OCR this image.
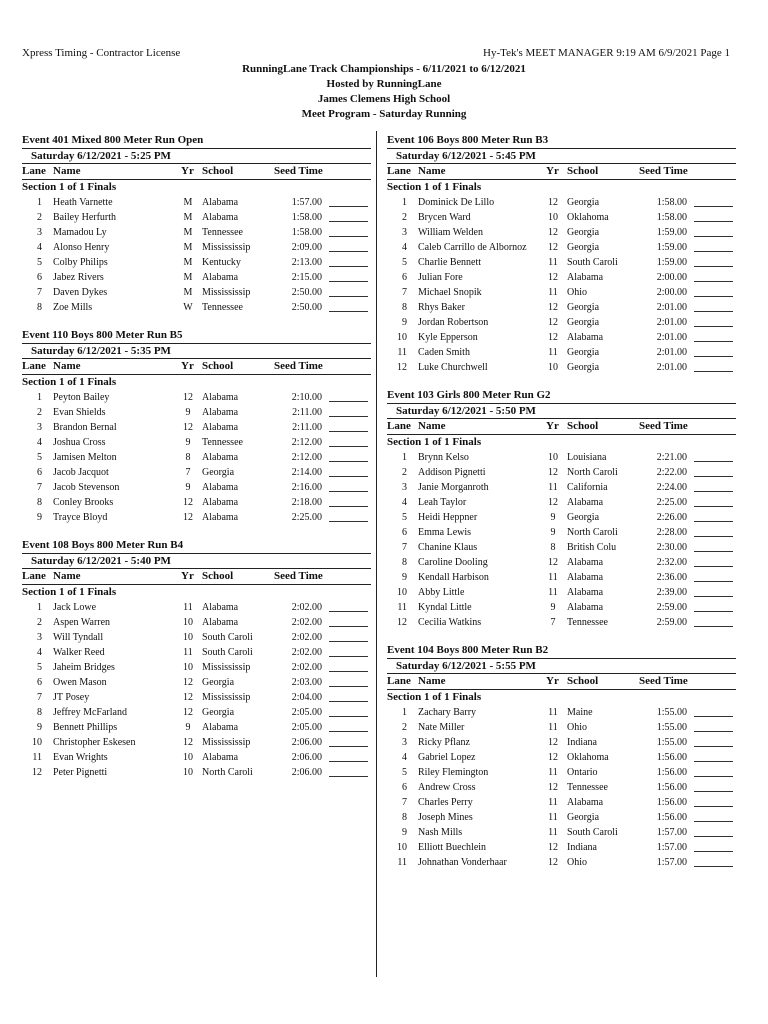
Xpress Timing - Contractor License	Hy-Tek's MEET MANAGER 9:19 AM 6/9/2021 Page 1
RunningLane Track Championships - 6/11/2021 to 6/12/2021
Hosted by RunningLane
James Clemens High School
Meet Program - Saturday Running
Event 401 Mixed 800 Meter Run Open
Saturday 6/12/2021 - 5:25 PM
Lane Name	Yr School	Seed Time
Section 1 of 1 Finals
1 Heath Varnette	M Alabama	1:57.00
2 Bailey Herfurth	M Alabama	1:58.00
3 Mamadou Ly	M Tennessee	1:58.00
4 Alonso Henry	M Missississip	2:09.00
5 Colby Philips	M Kentucky	2:13.00
6 Jabez Rivers	M Alabama	2:15.00
7 Daven Dykes	M Missississip	2:50.00
8 Zoe Mills	W Tennessee	2:50.00
Event 110 Boys 800 Meter Run B5
Saturday 6/12/2021 - 5:35 PM
Lane Name	Yr School	Seed Time
Section 1 of 1 Finals
1 Peyton Bailey	12 Alabama	2:10.00
2 Evan Shields	9	Alabama	2:11.00
3 Brandon Bernal	12 Alabama	2:11.00
4 Joshua Cross	9	Tennessee	2:12.00
5 Jamisen Melton	8	Alabama	2:12.00
6 Jacob Jacquot	7	Georgia	2:14.00
7 Jacob Stevenson	9	Alabama	2:16.00
8 Conley Brooks	12 Alabama	2:18.00
9 Trayce Bloyd	12 Alabama	2:25.00
Event 108 Boys 800 Meter Run B4
Saturday 6/12/2021 - 5:40 PM
Lane Name	Yr School	Seed Time
Section 1 of 1 Finals
1 Jack Lowe	11 Alabama	2:02.00
2 Aspen Warren	10 Alabama	2:02.00
3 Will Tyndall	10 South Caroli	2:02.00
4 Walker Reed	11 South Caroli	2:02.00
5 Jaheim Bridges	10 Missississip	2:02.00
6 Owen Mason	12 Georgia	2:03.00
7 JT Posey	12 Missississip	2:04.00
8 Jeffrey McFarland	12 Georgia	2:05.00
9 Bennett Phillips	9	Alabama	2:05.00
10 Christopher Eskesen	12 Missississip	2:06.00
11 Evan Wrights	10 Alabama	2:06.00
12 Peter Pignetti	10 North Caroli	2:06.00
Event 106 Boys 800 Meter Run B3
Saturday 6/12/2021 - 5:45 PM
Lane Name	Yr School	Seed Time
Section 1 of 1 Finals
1 Dominick De Lillo	12 Georgia	1:58.00
2 Brycen Ward	10 Oklahoma	1:58.00
3 William Welden	12 Georgia	1:59.00
4 Caleb Carrillo de Albornoz	12 Georgia	1:59.00
5 Charlie Bennett	11 South Caroli	1:59.00
6 Julian Fore	12 Alabama	2:00.00
7 Michael Snopik	11 Ohio	2:00.00
8 Rhys Baker	12 Georgia	2:01.00
9 Jordan Robertson	12 Georgia	2:01.00
10 Kyle Epperson	12 Alabama	2:01.00
11 Caden Smith	11 Georgia	2:01.00
12 Luke Churchwell	10 Georgia	2:01.00
Event 103 Girls 800 Meter Run G2
Saturday 6/12/2021 - 5:50 PM
Lane Name	Yr School	Seed Time
Section 1 of 1 Finals
1 Brynn Kelso	10 Louisiana	2:21.00
2 Addison Pignetti	12 North Caroli	2:22.00
3 Janie Morganroth	11 California	2:24.00
4 Leah Taylor	12 Alabama	2:25.00
5 Heidi Heppner	9	Georgia	2:26.00
6 Emma Lewis	9	North Caroli	2:28.00
7 Chanine Klaus	8	British Colu	2:30.00
8 Caroline Dooling	12 Alabama	2:32.00
9 Kendall Harbison	11 Alabama	2:36.00
10 Abby Little	11 Alabama	2:39.00
11 Kyndal Little	9	Alabama	2:59.00
12 Cecilia Watkins	7	Tennessee	2:59.00
Event 104 Boys 800 Meter Run B2
Saturday 6/12/2021 - 5:55 PM
Lane Name	Yr School	Seed Time
Section 1 of 1 Finals
1 Zachary Barry	11 Maine	1:55.00
2 Nate Miller	11 Ohio	1:55.00
3 Ricky Pflanz	12 Indiana	1:55.00
4 Gabriel Lopez	12 Oklahoma	1:56.00
5 Riley Flemington	11 Ontario	1:56.00
6 Andrew Cross	12 Tennessee	1:56.00
7 Charles Perry	11 Alabama	1:56.00
8 Joseph Mines	11 Georgia	1:56.00
9 Nash Mills	11 South Caroli	1:57.00
10 Elliott Buechlein	12 Indiana	1:57.00
11 Johnathan Vonderhaar	12 Ohio	1:57.00
